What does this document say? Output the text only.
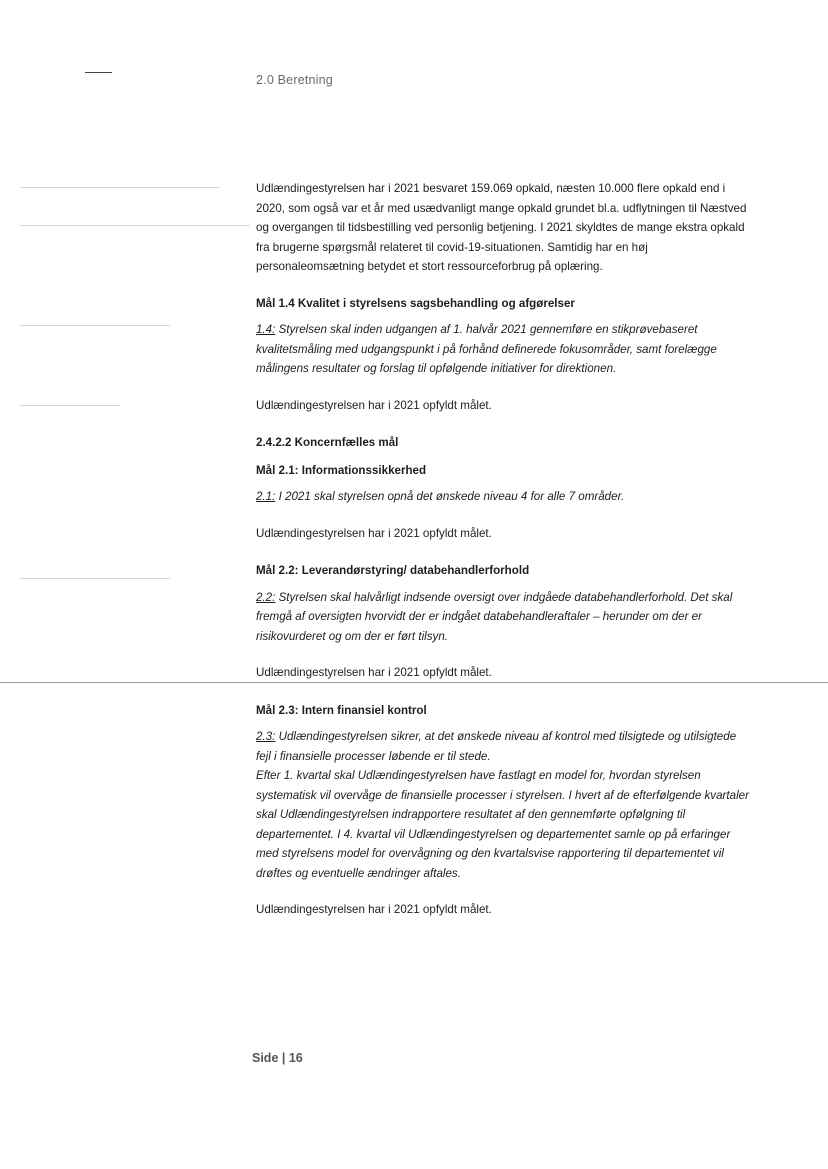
2.0 Beretning

Udlændingestyrelsen har i 2021 besvaret 159.069 opkald, næsten 10.000 flere opkald end i 2020, som også var et år med usædvanligt mange opkald grundet bl.a. udflytningen til Næstved og overgangen til tidsbestilling ved personlig betjening. I 2021 skyldtes de mange ekstra opkald fra brugerne spørgsmål relateret til covid-19-situationen. Samtidig har en høj personaleomsætning betydet et stort ressourceforbrug på oplæring.

Mål 1.4 Kvalitet i styrelsens sagsbehandling og afgørelser

1.4: Styrelsen skal inden udgangen af 1. halvår 2021 gennemføre en stikprøvebaseret kvalitetsmåling med udgangspunkt i på forhånd definerede fokusområder, samt forelægge målingens resultater og forslag til opfølgende initiativer for direktionen.

Udlændingestyrelsen har i 2021 opfyldt målet.

2.4.2.2 Koncernfælles mål

Mål 2.1: Informationssikkerhed

2.1: I 2021 skal styrelsen opnå det ønskede niveau 4 for alle 7 områder.

Udlændingestyrelsen har i 2021 opfyldt målet.

Mål 2.2: Leverandørstyring/ databehandlerforhold

2.2: Styrelsen skal halvårligt indsende oversigt over indgåede databehandlerforhold. Det skal fremgå af oversigten hvorvidt der er indgået databehandleraftaler – herunder om der er risikovurderet og om der er ført tilsyn.

Udlændingestyrelsen har i 2021 opfyldt målet.

Mål 2.3: Intern finansiel kontrol

2.3: Udlændingestyrelsen sikrer, at det ønskede niveau af kontrol med tilsigtede og utilsigtede fejl i finansielle processer løbende er til stede.
Efter 1. kvartal skal Udlændingestyrelsen have fastlagt en model for, hvordan styrelsen systematisk vil overvåge de finansielle processer i styrelsen. I hvert af de efterfølgende kvartaler skal Udlændingestyrelsen indrapportere resultatet af den gennemførte opfølgning til departementet. I 4. kvartal vil Udlændingestyrelsen og departementet samle op på erfaringer med styrelsens model for overvågning og den kvartalsvise rapportering til departementet vil drøftes og eventuelle ændringer aftales.

Udlændingestyrelsen har i 2021 opfyldt målet.

Side | 16
